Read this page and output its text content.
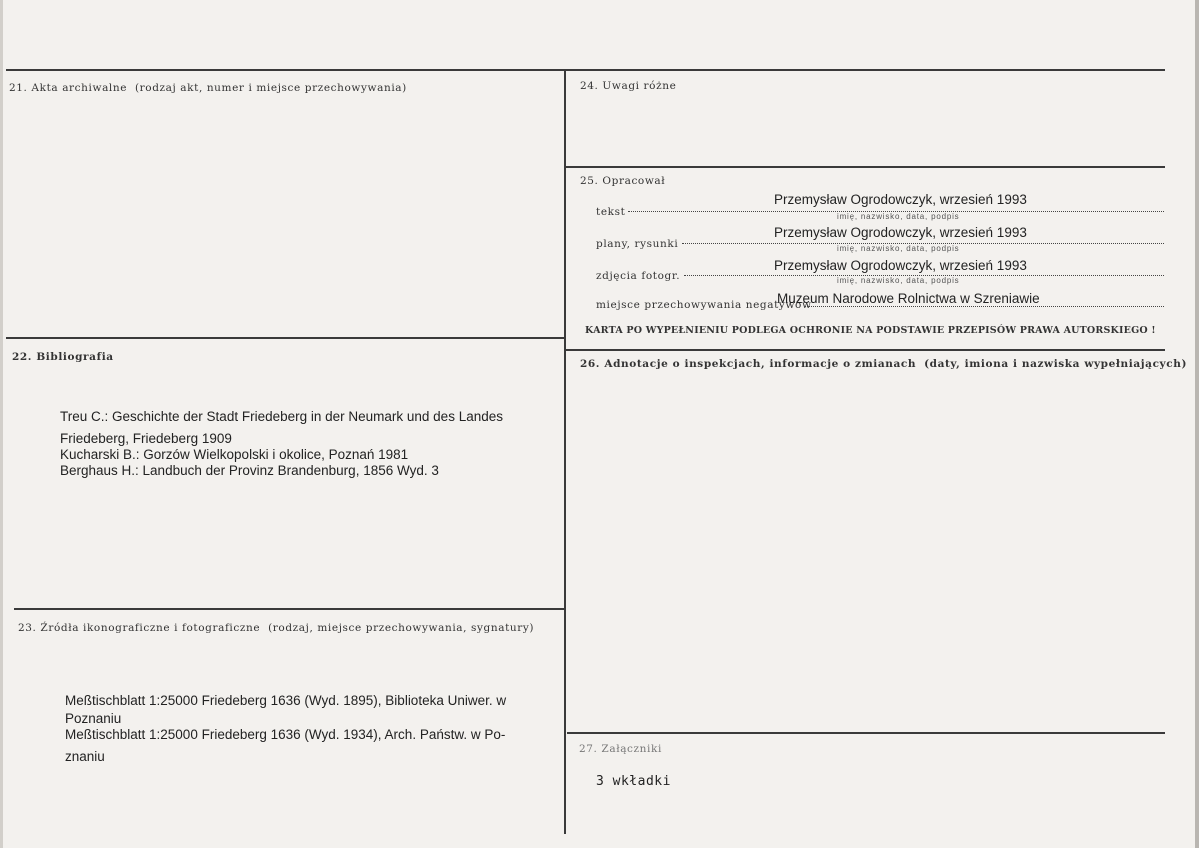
21. Akta archiwalne (rodzaj akt, numer i miejsce przechowywania)
22. Bibliografia
Treu C.: Geschichte der Stadt Friedeberg in der Neumark und des Landes
Friedeberg, Friedeberg 1909
Kucharski B.: Gorzów Wielkopolski i okolice, Poznań 1981
Berghaus H.: Landbuch der Provinz Brandenburg, 1856 Wyd. 3
23. Źródła ikonograficzne i fotograficzne (rodzaj, miejsce przechowywania, sygnatury)
Meßtischblatt 1:25000 Friedeberg 1636 (Wyd. 1895), Biblioteka Uniwer. w
Poznaniu
Meßtischblatt 1:25000 Friedeberg 1636 (Wyd. 1934), Arch. Państw. w Po-
znaniu
24. Uwagi różne
25. Opracował
tekst
Przemysław Ogrodowczyk, wrzesień 1993
imię, nazwisko, data, podpis
plany, rysunki
Przemysław Ogrodowczyk, wrzesień 1993
imię, nazwisko, data, podpis
zdjęcia fotogr.
Przemysław Ogrodowczyk, wrzesień 1993
imię, nazwisko, data, podpis
miejsce przechowywania negatywów
Muzeum Narodowe Rolnictwa w Szreniawie
KARTA PO WYPEŁNIENIU PODLEGA OCHRONIE NA PODSTAWIE PRZEPISÓW PRAWA AUTORSKIEGO !
26. Adnotacje o inspekcjach, informacje o zmianach (daty, imiona i nazwiska wypełniających)
27. Załączniki
3 wkładki
